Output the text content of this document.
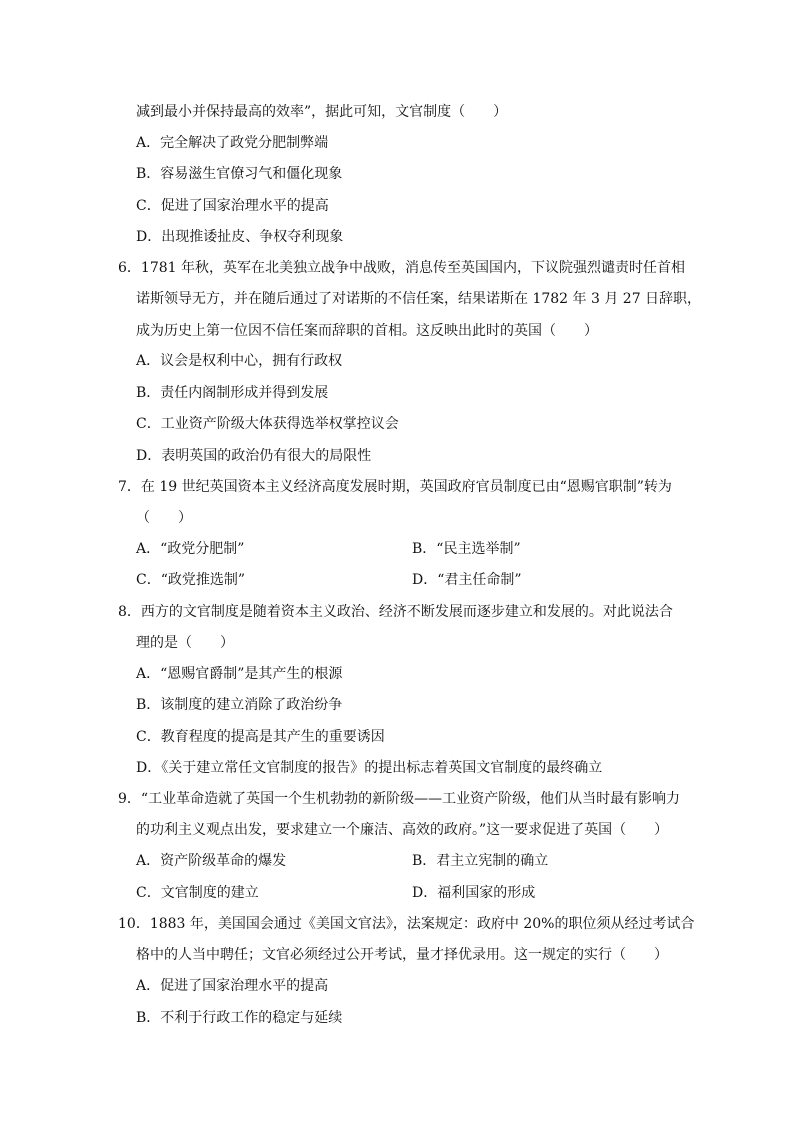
减到最小并保持最高的效率”，据此可知，文官制度（　　）
A．完全解决了政党分肥制弊端
B．容易滋生官僚习气和僵化现象
C．促进了国家治理水平的提高
D．出现推诿扯皮、争权夺利现象
6．1781 年秋，英军在北美独立战争中战败，消息传至英国国内，下议院强烈谴责时任首相
诺斯领导无方，并在随后通过了对诺斯的不信任案，结果诺斯在 1782 年 3 月 27 日辞职，
成为历史上第一位因不信任案而辞职的首相。这反映出此时的英国（　　）
A．议会是权利中心，拥有行政权
B．责任内阁制形成并得到发展
C．工业资产阶级大体获得选举权掌控议会
D．表明英国的政治仍有很大的局限性
7．在 19 世纪英国资本主义经济高度发展时期，英国政府官员制度已由“恩赐官职制”转为
（　　）
A．“政党分肥制”	B．“民主选举制”
C．“政党推选制”	D．“君主任命制”
8．西方的文官制度是随着资本主义政治、经济不断发展而逐步建立和发展的。对此说法合
理的是（　　）
A．“恩赐官爵制”是其产生的根源
B．该制度的建立消除了政治纷争
C．教育程度的提高是其产生的重要诱因
D．《关于建立常任文官制度的报告》的提出标志着英国文官制度的最终确立
9．“工业革命造就了英国一个生机勃勃的新阶级——工业资产阶级，他们从当时最有影响力
的功利主义观点出发，要求建立一个廉洁、高效的政府。”这一要求促进了英国（　　）
A．资产阶级革命的爆发	B．君主立宪制的确立
C．文官制度的建立	D．福利国家的形成
10．1883 年，美国国会通过《美国文官法》，法案规定：政府中 20%的职位须从经过考试合
格中的人当中聘任；文官必须经过公开考试，量才择优录用。这一规定的实行（　　）
A．促进了国家治理水平的提高
B．不利于行政工作的稳定与延续
